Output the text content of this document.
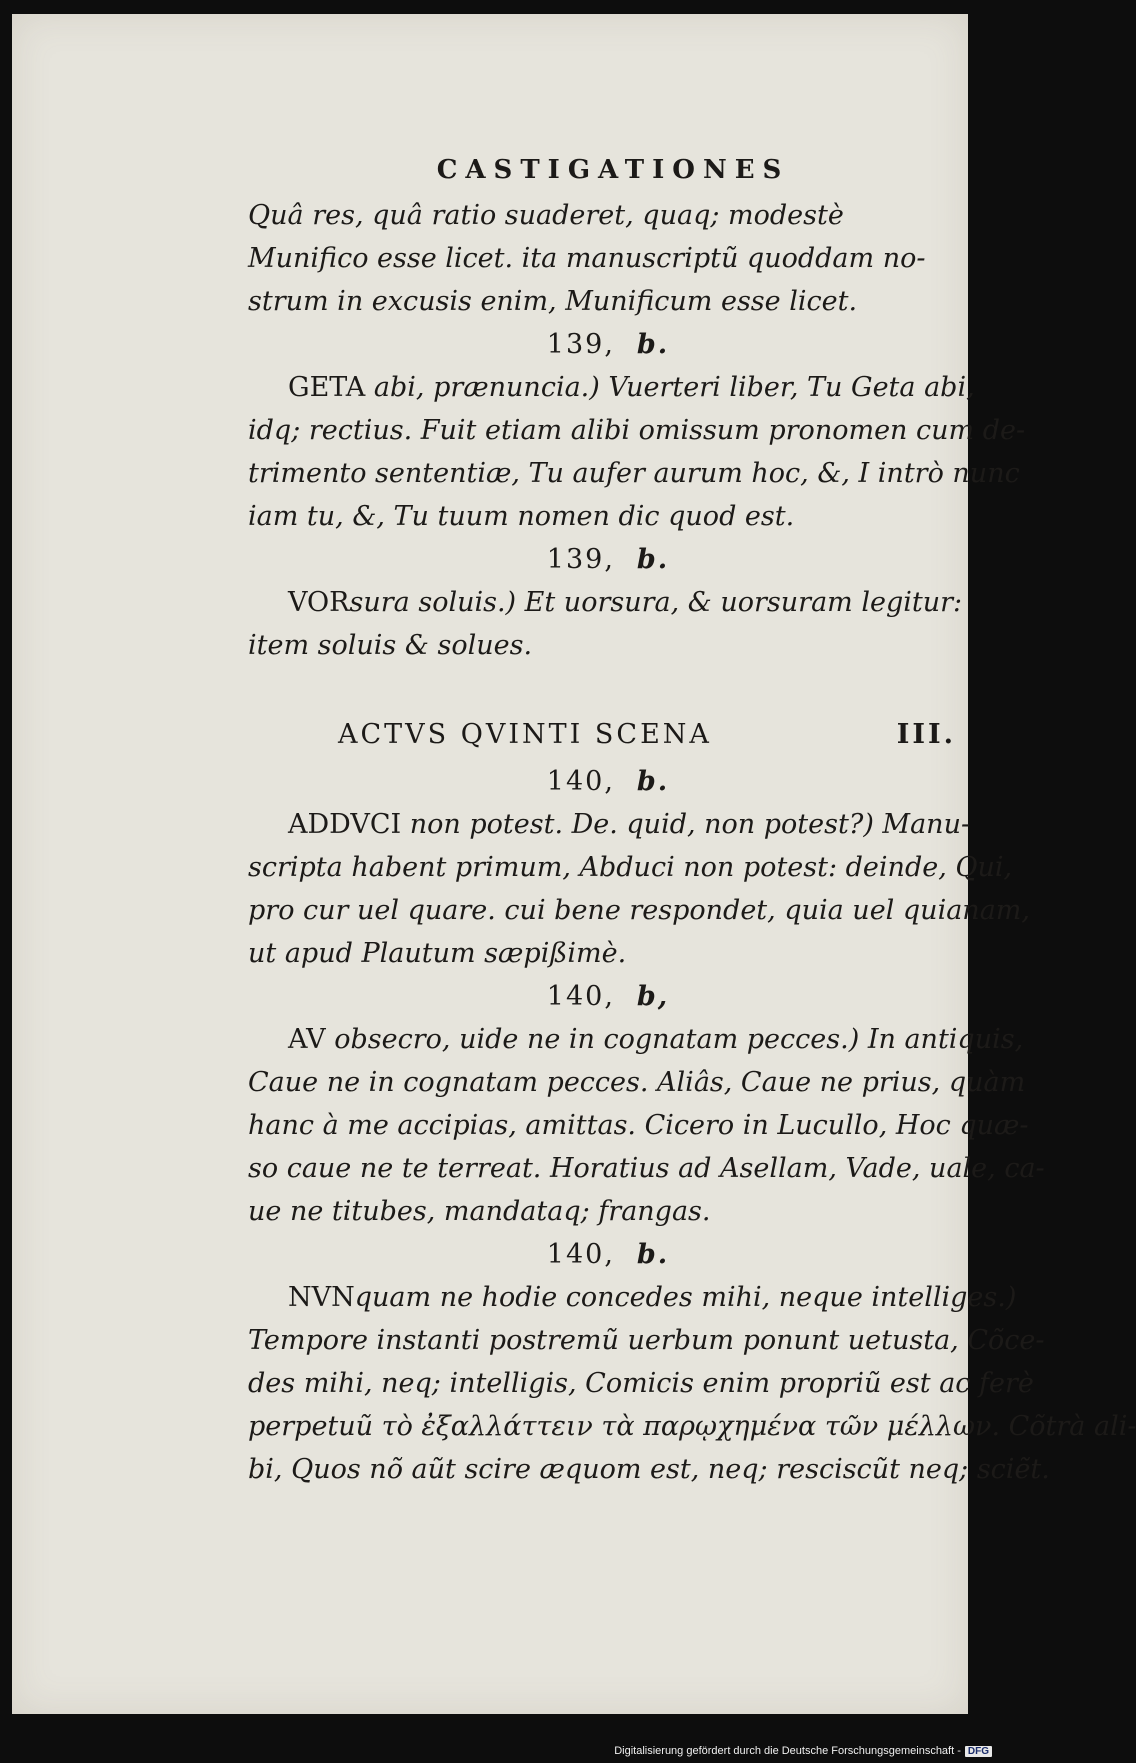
CASTIGATIONES
Quâ res, quâ ratio suaderet, quaq; modestè
Munifico esse licet. ita manuscriptũ quoddam no-
strum in excusis enim, Munificum esse licet.
139, b.
GETA abi, prænuncia.) Vuerteri liber, Tu Geta abi,
idq; rectius. Fuit etiam alibi omissum pronomen cum de-
trimento sententiæ, Tu aufer aurum hoc, &, I intrò nunc
iam tu, &, Tu tuum nomen dic quod est.
139, b.
VORsura soluis.) Et uorsura, & uorsuram legitur:
item soluis & solues.
ACTVS QVINTI SCENA	III.
140, b.
ADDVCI non potest. De. quid, non potest?) Manu-
scripta habent primum, Abduci non potest: deinde, Qui,
pro cur uel quare. cui bene respondet, quia uel quianam,
ut apud Plautum sæpißimè.
140, b,
AV obsecro, uide ne in cognatam pecces.) In antiquis,
Caue ne in cognatam pecces. Aliâs, Caue ne prius, quàm
hanc à me accipias, amittas. Cicero in Lucullo, Hoc quæ-
so caue ne te terreat. Horatius ad Asellam, Vade, uale, ca-
ue ne titubes, mandataq; frangas.
140, b.
NVNquam ne hodie concedes mihi, neque intelliges.)
Tempore instanti postremũ uerbum ponunt uetusta, Cõce-
des mihi, neq; intelligis, Comicis enim propriũ est ac ferè
perpetuũ τὸ ἐξαλλάττειν τὰ παρῳχημένα τῶν μέλλων. Cõtrà ali-
bi, Quos nõ aũt scire æquom est, neq; resciscũt neq; sciẽt.
Digitalisierung gefördert durch die Deutsche Forschungsgemeinschaft - DFG
